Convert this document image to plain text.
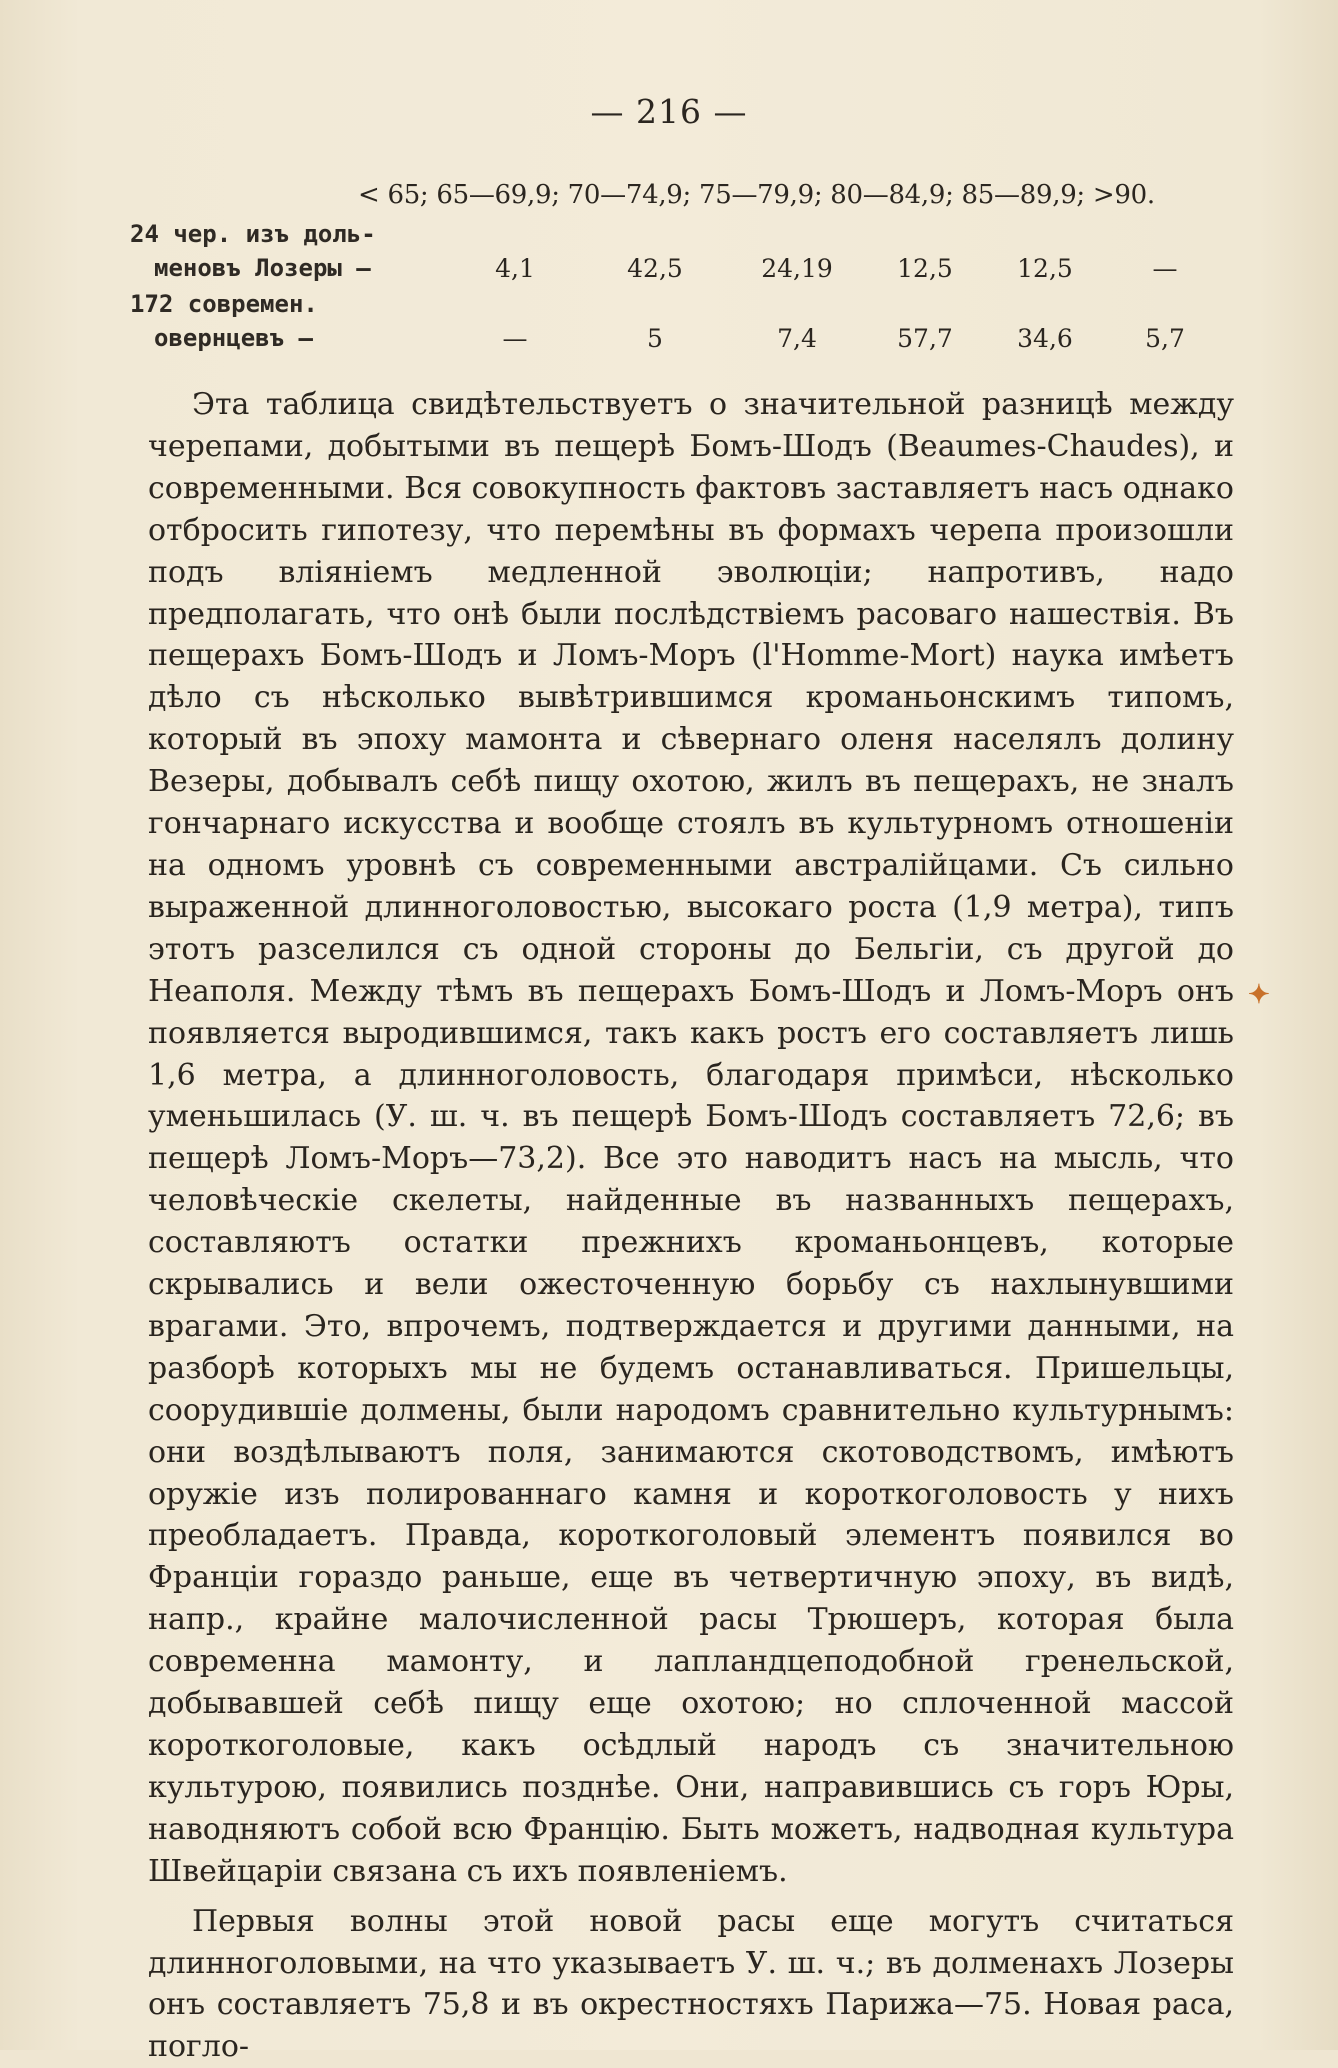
— 216 —
< 65; 65—69,9; 70—74,9; 75—79,9; 80—84,9; 85—89,9; >90.
24 чер. изъ доль-
меновъ Лозеры —	4,1	42,5	24,19	12,5	12,5	—
172 современ.
овернцевъ —	—	5	7,4	57,7	34,6	5,7

Эта таблица свидѣтельствуетъ о значительной разницѣ между черепами, добытыми въ пещерѣ Бомъ-Шодъ (Beaumes-Chaudes), и современными. Вся совокупность фактовъ заставляетъ насъ однако отбросить гипотезу, что перемѣны въ формахъ черепа произошли подъ вліяніемъ медленной эволюціи; напротивъ, надо предполагать, что онѣ были послѣдствіемъ расоваго нашествія. Въ пещерахъ Бомъ-Шодъ и Ломъ-Моръ (l'Homme-Mort) наука имѣетъ дѣло съ нѣсколько вывѣтрившимся кроманьонскимъ типомъ, который въ эпоху мамонта и сѣвернаго оленя населялъ долину Везеры, добывалъ себѣ пищу охотою, жилъ въ пещерахъ, не зналъ гончарнаго искусства и вообще стоялъ въ культурномъ отношеніи на одномъ уровнѣ съ современными австралійцами. Съ сильно выраженной длинноголовостью, высокаго роста (1,9 метра), типъ этотъ разселился съ одной стороны до Бельгіи, съ другой до Неаполя. Между тѣмъ въ пещерахъ Бомъ-Шодъ и Ломъ-Моръ онъ появляется выродившимся, такъ какъ ростъ его составляетъ лишь 1,6 метра, а длинноголовость, благодаря примѣси, нѣсколько уменьшилась (У. ш. ч. въ пещерѣ Бомъ-Шодъ составляетъ 72,6; въ пещерѣ Ломъ-Моръ—73,2). Все это наводитъ насъ на мысль, что человѣческіе скелеты, найденные въ названныхъ пещерахъ, составляютъ остатки прежнихъ кроманьонцевъ, которые скрывались и вели ожесточенную борьбу съ нахлынувшими врагами. Это, впрочемъ, подтверждается и другими данными, на разборѣ которыхъ мы не будемъ останавливаться. Пришельцы, соорудившіе долмены, были народомъ сравнительно культурнымъ: они воздѣлываютъ поля, занимаются скотоводствомъ, имѣютъ оружіе изъ полированнаго камня и короткоголовость у нихъ преобладаетъ. Правда, короткоголовый элементъ появился во Франціи гораздо раньше, еще въ четвертичную эпоху, въ видѣ, напр., крайне малочисленной расы Трюшеръ, которая была современна мамонту, и лапландцеподобной гренельской, добывавшей себѣ пищу еще охотою; но сплоченной массой короткоголовые, какъ осѣдлый народъ съ значительною культурою, появились позднѣе. Они, направившись съ горъ Юры, наводняютъ собой всю Францію. Быть можетъ, надводная культура Швейцаріи связана съ ихъ появленіемъ.

Первыя волны этой новой расы еще могутъ считаться длинноголовыми, на что указываетъ У. ш. ч.; въ долменахъ Лозеры онъ составляетъ 75,8 и въ окрестностяхъ Парижа—75. Новая раса, погло-

✦
